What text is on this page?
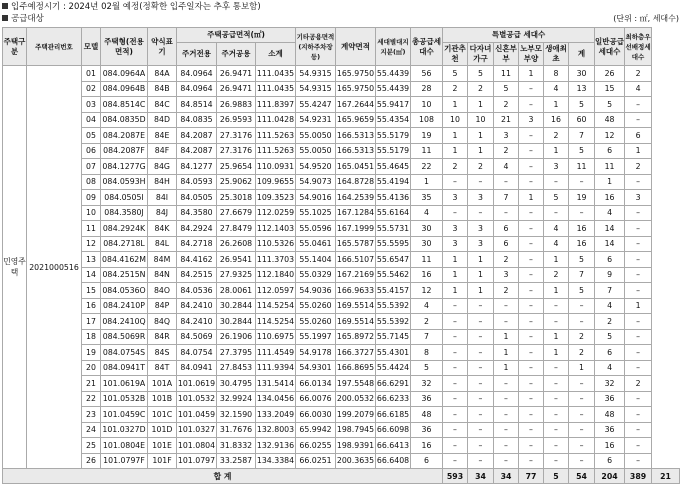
입주예정시기 : 2024년 02월 예정(정확한 입주일자는 추후 통보함)
공급대상	(단위 : ㎡, 세대수)
주택구분	주택관리번호	모델	주택형(전용면적)	약식표기	주택공급면적(㎡)			기타공용면적(지하주차장등)	계약면적	세대별대지지분(㎡)	총공급세대수	특별공급 세대수						일반공급세대수	최하층우선배정세대수	
					주거전용	주거공용	소계					기관추천	다자녀가구	신혼부부	노부모부양	생애최초	계			
민영주택	2021000516	01	084.0964A	84A	84.0964	26.9471	111.0435	54.9315	165.9750	55.4439	56	5	5	11	1	8	30	26	2	
		02	084.0964B	84B	84.0964	26.9471	111.0435	54.9315	165.9750	55.4439	28	2	2	5	–	4	13	15	4	
		03	084.8514C	84C	84.8514	26.9883	111.8397	55.4247	167.2644	55.9417	10	1	1	2	–	1	5	5	–	
		04	084.0835D	84D	84.0835	26.9593	111.0428	54.9231	165.9659	55.4354	108	10	10	21	3	16	60	48	–	
		05	084.2087E	84E	84.2087	27.3176	111.5263	55.0050	166.5313	55.5179	19	1	1	3	–	2	7	12	6	
		06	084.2087F	84F	84.2087	27.3176	111.5263	55.0050	166.5313	55.5179	11	1	1	2	–	1	5	6	1	
		07	084.1277G	84G	84.1277	25.9654	110.0931	54.9520	165.0451	55.4645	22	2	2	4	–	3	11	11	2	
		08	084.0593H	84H	84.0593	25.9062	109.9655	54.9073	164.8728	55.4194	1	–	–	–	–	–	–	1	–	
		09	084.0505I	84I	84.0505	25.3018	109.3523	54.9016	164.2539	55.4136	35	3	3	7	1	5	19	16	3	
		10	084.3580J	84J	84.3580	27.6679	112.0259	55.1025	167.1284	55.6164	4	–	–	–	–	–	–	4	–	
		11	084.2924K	84K	84.2924	27.8479	112.1403	55.0596	167.1999	55.5731	30	3	3	6	–	4	16	14	–	
		12	084.2718L	84L	84.2718	26.2608	110.5326	55.0461	165.5787	55.5595	30	3	3	6	–	4	16	14	–	
		13	084.4162M	84M	84.4162	26.9541	111.3703	55.1404	166.5107	55.6547	11	1	1	2	–	1	5	6	–	
		14	084.2515N	84N	84.2515	27.9325	112.1840	55.0329	167.2169	55.5462	16	1	1	3	–	2	7	9	–	
		15	084.0536O	84O	84.0536	28.0061	112.0597	54.9036	166.9633	55.4157	12	1	1	2	–	1	5	7	–	
		16	084.2410P	84P	84.2410	30.2844	114.5254	55.0260	169.5514	55.5392	4	–	–	–	–	–	–	4	1	
		17	084.2410Q	84Q	84.2410	30.2844	114.5254	55.0260	169.5514	55.5392	2	–	–	–	–	–	–	2	–	
		18	084.5069R	84R	84.5069	26.1906	110.6975	55.1997	165.8972	55.7145	7	–	–	1	–	1	2	5	–	
		19	084.0754S	84S	84.0754	27.3795	111.4549	54.9178	166.3727	55.4301	8	–	–	1	–	1	2	6	–	
		20	084.0941T	84T	84.0941	27.8453	111.9394	54.9301	166.8695	55.4424	5	–	–	1	–	–	1	4	–	
		21	101.0619A	101A	101.0619	30.4795	131.5414	66.0134	197.5548	66.6291	32	–	–	–	–	–	–	32	2	
		22	101.0532B	101B	101.0532	32.9924	134.0456	66.0076	200.0532	66.6233	36	–	–	–	–	–	–	36	–	
		23	101.0459C	101C	101.0459	32.1590	133.2049	66.0030	199.2079	66.6185	48	–	–	–	–	–	–	48	–	
		24	101.0327D	101D	101.0327	31.7676	132.8003	65.9942	198.7945	66.6098	36	–	–	–	–	–	–	36	–	
		25	101.0804E	101E	101.0804	31.8332	132.9136	66.0255	198.9391	66.6413	16	–	–	–	–	–	–	16	–	
		26	101.0797F	101F	101.0797	33.2587	134.3384	66.0251	200.3635	66.6408	6	–	–	–	–	–	–	6	–	
합 계												593	34	34	77	5	54	204	389	21
